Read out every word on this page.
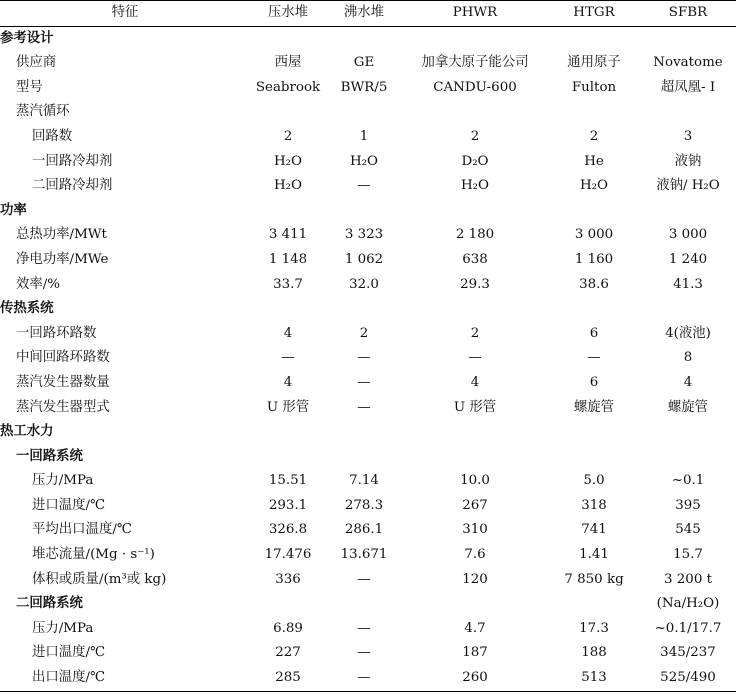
特征	压水堆	沸水堆	PHWR	HTGR	SFBR
参考设计					
供应商	西屋	GE	加拿大原子能公司	通用原子	Novatome
型号	Seabrook	BWR/5	CANDU-600	Fulton	超凤凰- I
蒸汽循环					
回路数	2	1	2	2	3
一回路冷却剂	H₂O	H₂O	D₂O	He	液钠
二回路冷却剂	H₂O	—	H₂O	H₂O	液钠/ H₂O
功率					
总热功率/MWt	3 411	3 323	2 180	3 000	3 000
净电功率/MWe	1 148	1 062	638	1 160	1 240
效率/%	33.7	32.0	29.3	38.6	41.3
传热系统					
一回路环路数	4	2	2	6	4(液池)
中间回路环路数	—	—	—	—	8
蒸汽发生器数量	4	—	4	6	4
蒸汽发生器型式	U 形管	—	U 形管	螺旋管	螺旋管
热工水力					
一回路系统					
压力/MPa	15.51	7.14	10.0	5.0	~0.1
进口温度/℃	293.1	278.3	267	318	395
平均出口温度/℃	326.8	286.1	310	741	545
堆芯流量/(Mg · s⁻¹)	17.476	13.671	7.6	1.41	15.7
体积或质量/(m³或 kg)	336	—	120	7 850 kg	3 200 t
二回路系统					(Na/H₂O)
压力/MPa	6.89	—	4.7	17.3	~0.1/17.7
进口温度/℃	227	—	187	188	345/237
出口温度/℃	285	—	260	513	525/490
